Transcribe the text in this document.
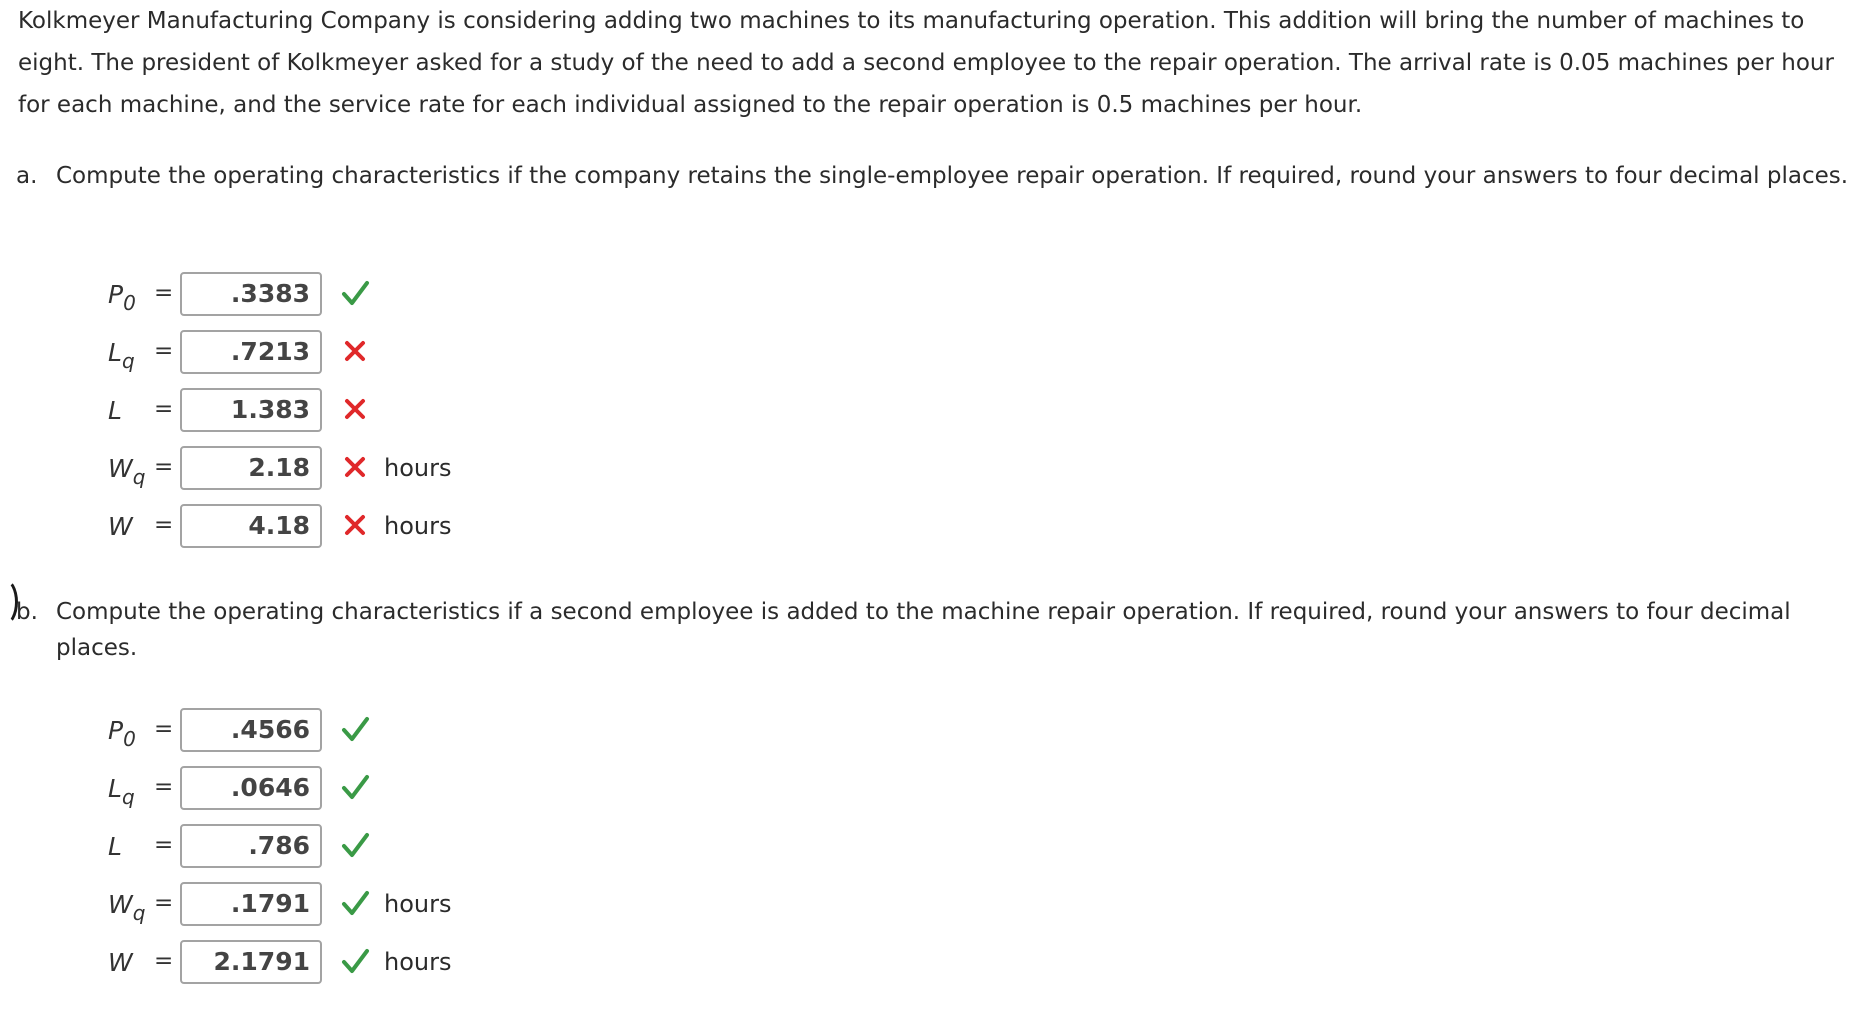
Kolkmeyer Manufacturing Company is considering adding two machines to its manufacturing operation. This addition will bring the number of machines to eight. The president of Kolkmeyer asked for a study of the need to add a second employee to the repair operation. The arrival rate is 0.05 machines per hour for each machine, and the service rate for each individual assigned to the repair operation is 0.5 machines per hour.

a. Compute the operating characteristics if the company retains the single-employee repair operation. If required, round your answers to four decimal places.

$P_0$ =	.3383
$L_q$ =	.7213
L =	1.383
$W_q$ =	2.18	hours
W =	4.18	hours

b. Compute the operating characteristics if a second employee is added to the machine repair operation. If required, round your answers to four decimal places.

$P_0$ =	.4566
$L_q$ =	.0646
L =	.786
$W_q$ =	.1791	hours
W =	2.1791	hours
